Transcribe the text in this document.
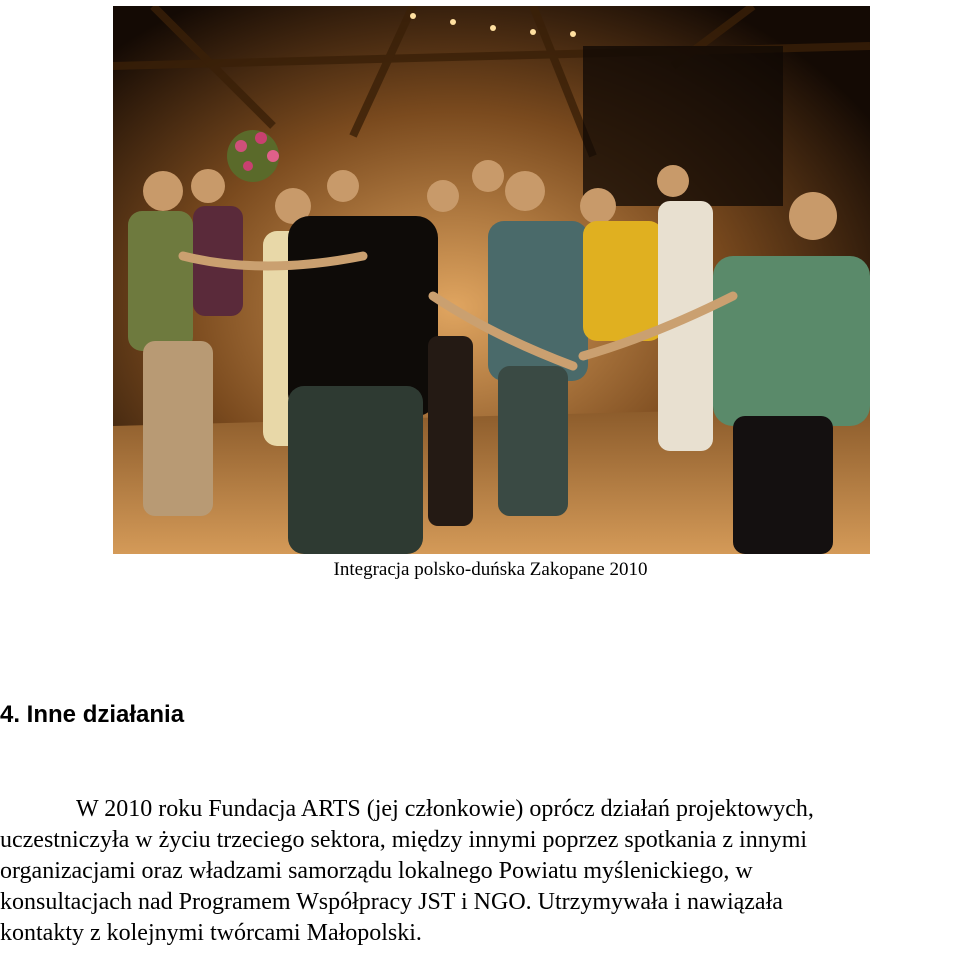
Integracja polsko-duńska Zakopane 2010
4. Inne działania

W 2010 roku Fundacja ARTS (jej członkowie) oprócz działań projektowych,
uczestniczyła w życiu trzeciego sektora, między innymi poprzez spotkania z innymi
organizacjami oraz władzami samorządu lokalnego Powiatu myślenickiego, w
konsultacjach nad Programem Współpracy JST i NGO. Utrzymywała i nawiązała
kontakty z kolejnymi twórcami Małopolski.
